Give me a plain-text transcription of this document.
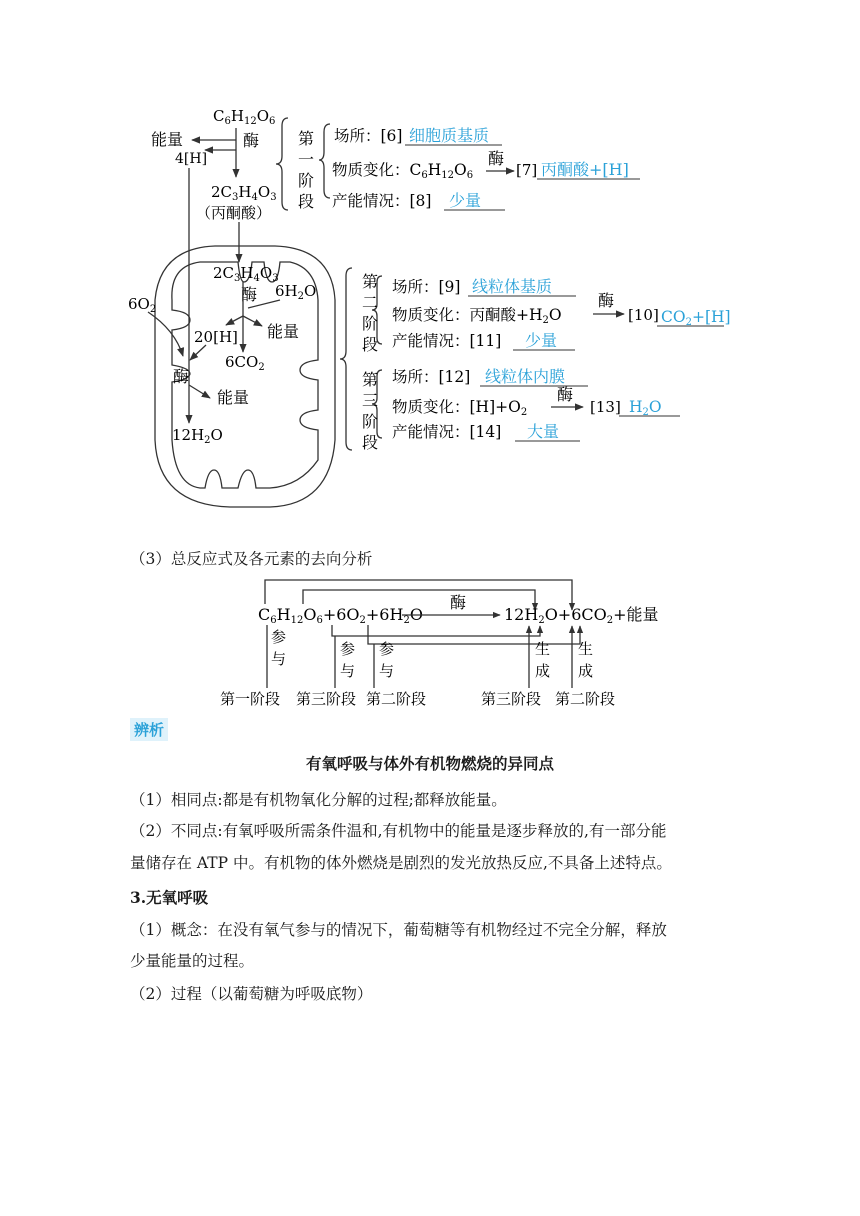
$C_6H_{12}O_6$
酶
能量
4[H]
$2C_3H_4O_3$
（丙酮酸）
第
一
阶
段
场所：[6] 细胞质基质
物质变化：C6H12O6
酶
[7] 丙酮酸+[H]
产能情况：[8] 少量
$2C_3H_4O_3$
$6H_2O$
酶
20[H] 能量
$6CO_2$
$6O_2$
酶
能量
$12H_2O$
第
二
阶
段
第
三
阶
段
场所：[9] 线粒体基质
物质变化：丙酮酸+H2O
酶
[10] CO2+[H]
产能情况：[11] 少量
场所：[12] 线粒体内膜
物质变化：[H]+O2
酶
[13] H2O
产能情况：[14] 大量
（3）总反应式及各元素的去向分析
C6H12O6+6O2+6H2O
酶
12H2O+6CO2+能量
参
与
参
与
参
与
生
成
生
成
第一阶段 第三阶段 第二阶段	第三阶段 第二阶段
辨析
有氧呼吸与体外有机物燃烧的异同点
（1）相同点:都是有机物氧化分解的过程;都释放能量。
（2）不同点:有氧呼吸所需条件温和,有机物中的能量是逐步释放的,有一部分能
量储存在 ATP 中。有机物的体外燃烧是剧烈的发光放热反应,不具备上述特点。
3.无氧呼吸
（1）概念：在没有氧气参与的情况下，葡萄糖等有机物经过不完全分解，释放
少量能量的过程。
（2）过程（以葡萄糖为呼吸底物）
